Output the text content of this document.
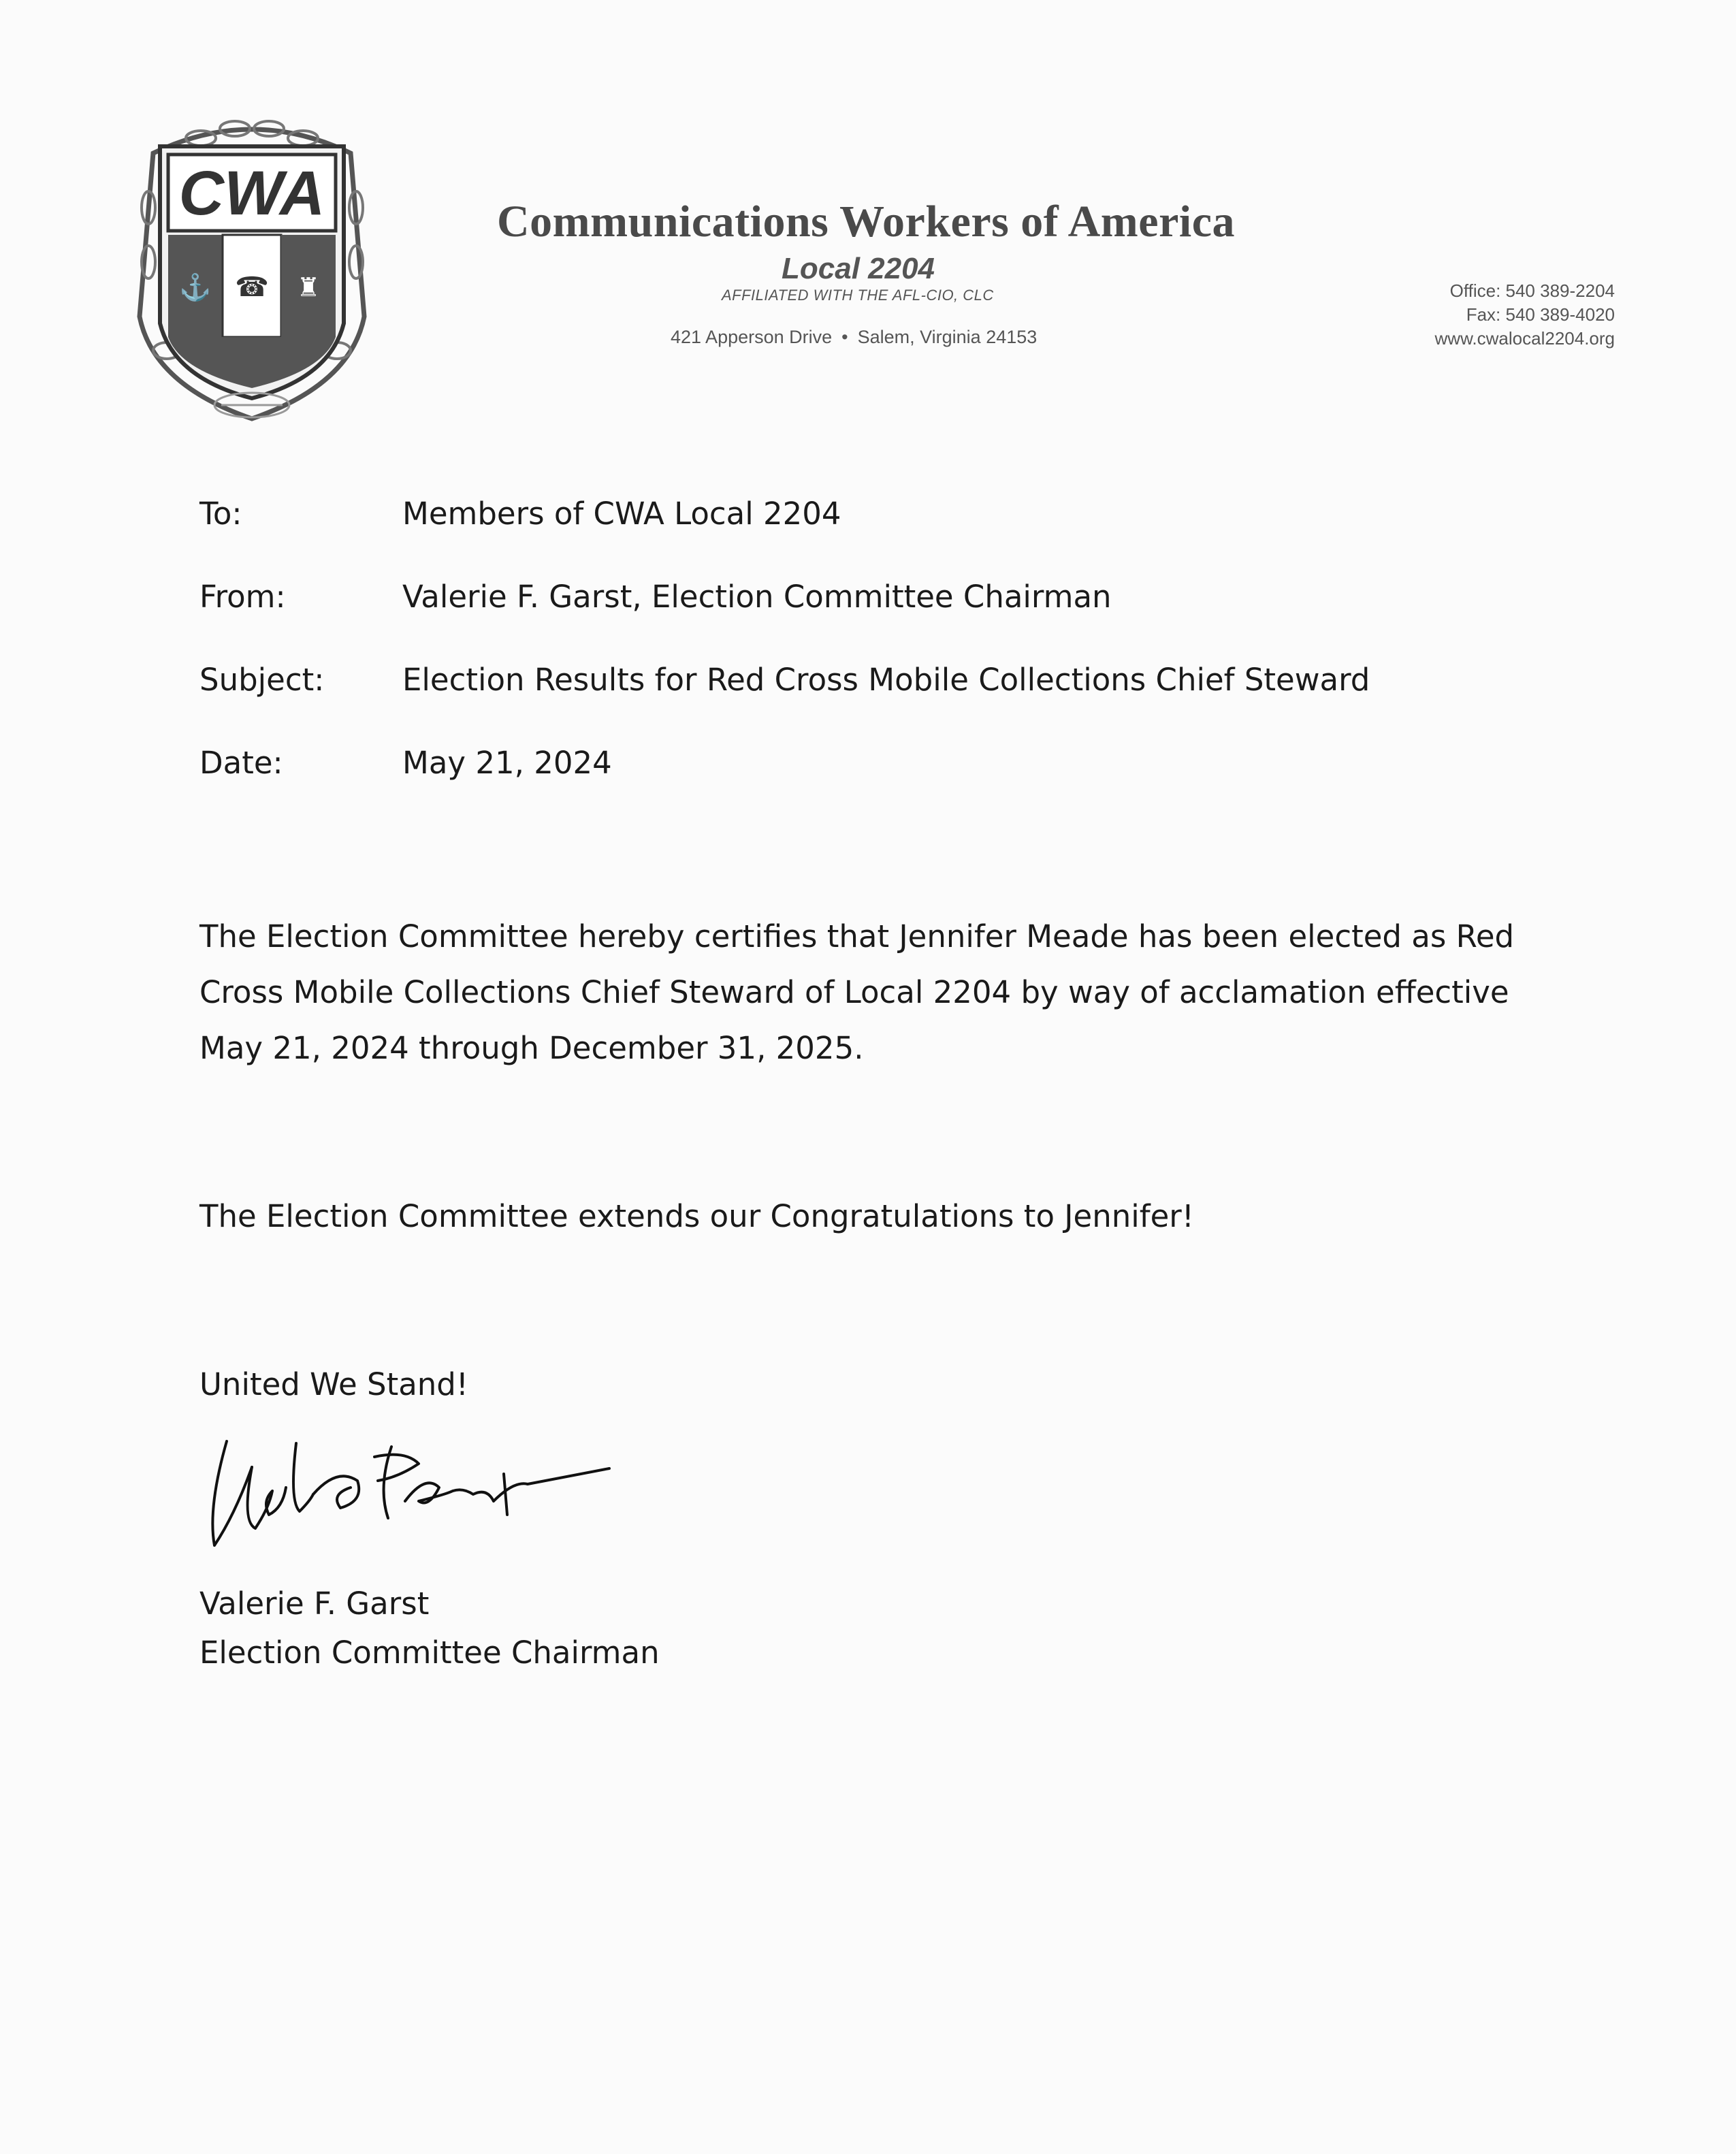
CWA
⚓ ☎ ♜
Communications Workers of America
Local 2204
AFFILIATED WITH THE AFL-CIO, CLC
421 Apperson Drive • Salem, Virginia 24153
Office: 540 389-2204
Fax: 540 389-4020
www.cwalocal2204.org
To:	Members of CWA Local 2204
From:	Valerie F. Garst, Election Committee Chairman
Subject:	Election Results for Red Cross Mobile Collections Chief Steward
Date:	May 21, 2024
The Election Committee hereby certifies that Jennifer Meade has been elected as Red Cross Mobile Collections Chief Steward of Local 2204 by way of acclamation effective May 21, 2024 through December 31, 2025.
The Election Committee extends our Congratulations to Jennifer!
United We Stand!
Valerie F. Garst
Election Committee Chairman
